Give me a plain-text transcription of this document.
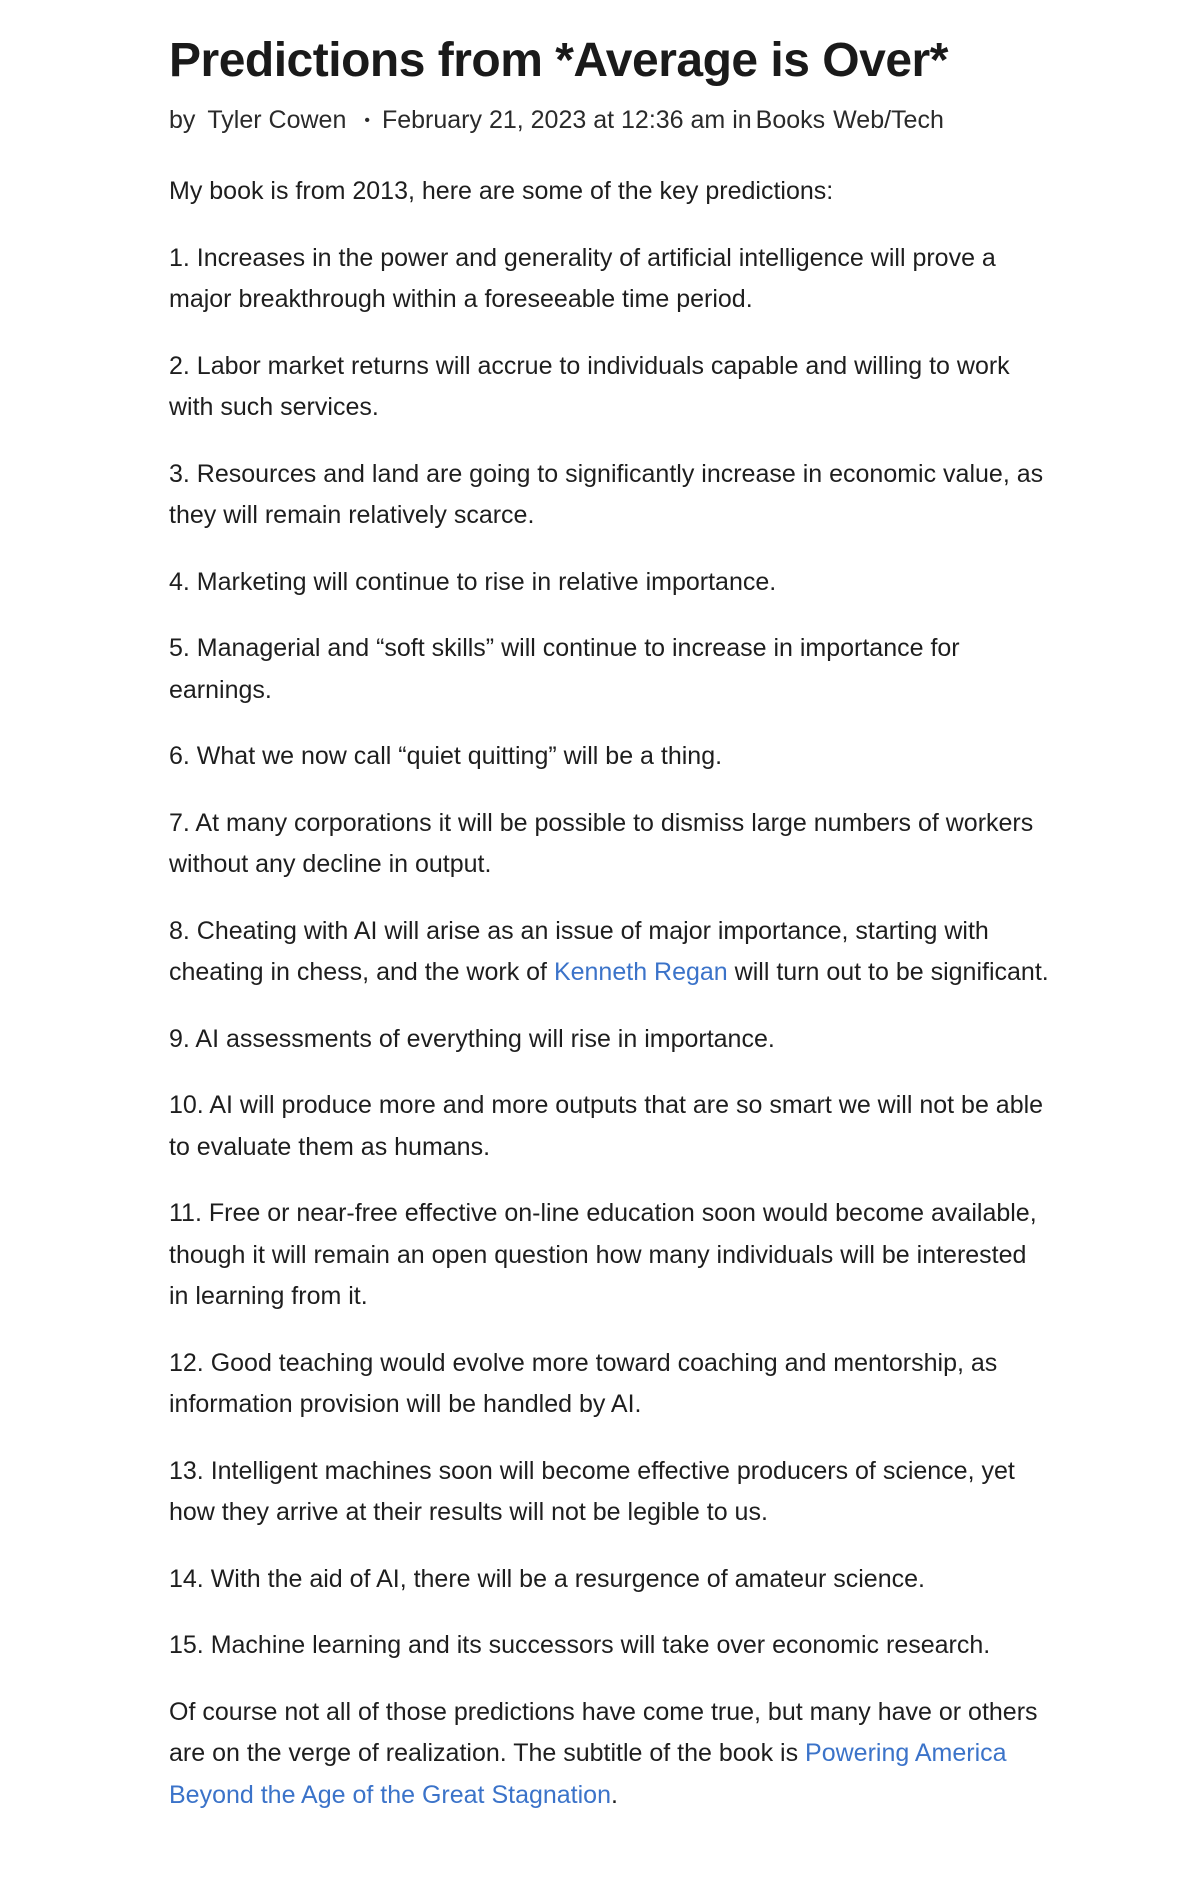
Predictions from *Average is Over*
by Tyler Cowen • February 21, 2023 at 12:36 am in Books Web/Tech

My book is from 2013, here are some of the key predictions:

1. Increases in the power and generality of artificial intelligence will prove a major breakthrough within a foreseeable time period.

2. Labor market returns will accrue to individuals capable and willing to work with such services.

3. Resources and land are going to significantly increase in economic value, as they will remain relatively scarce.

4. Marketing will continue to rise in relative importance.

5. Managerial and “soft skills” will continue to increase in importance for earnings.

6. What we now call “quiet quitting” will be a thing.

7. At many corporations it will be possible to dismiss large numbers of workers without any decline in output.

8. Cheating with AI will arise as an issue of major importance, starting with cheating in chess, and the work of Kenneth Regan will turn out to be significant.

9. AI assessments of everything will rise in importance.

10. AI will produce more and more outputs that are so smart we will not be able to evaluate them as humans.

11. Free or near-free effective on-line education soon would become available, though it will remain an open question how many individuals will be interested in learning from it.

12. Good teaching would evolve more toward coaching and mentorship, as information provision will be handled by AI.

13. Intelligent machines soon will become effective producers of science, yet how they arrive at their results will not be legible to us.

14. With the aid of AI, there will be a resurgence of amateur science.

15. Machine learning and its successors will take over economic research.

Of course not all of those predictions have come true, but many have or others are on the verge of realization. The subtitle of the book is Powering America Beyond the Age of the Great Stagnation.
